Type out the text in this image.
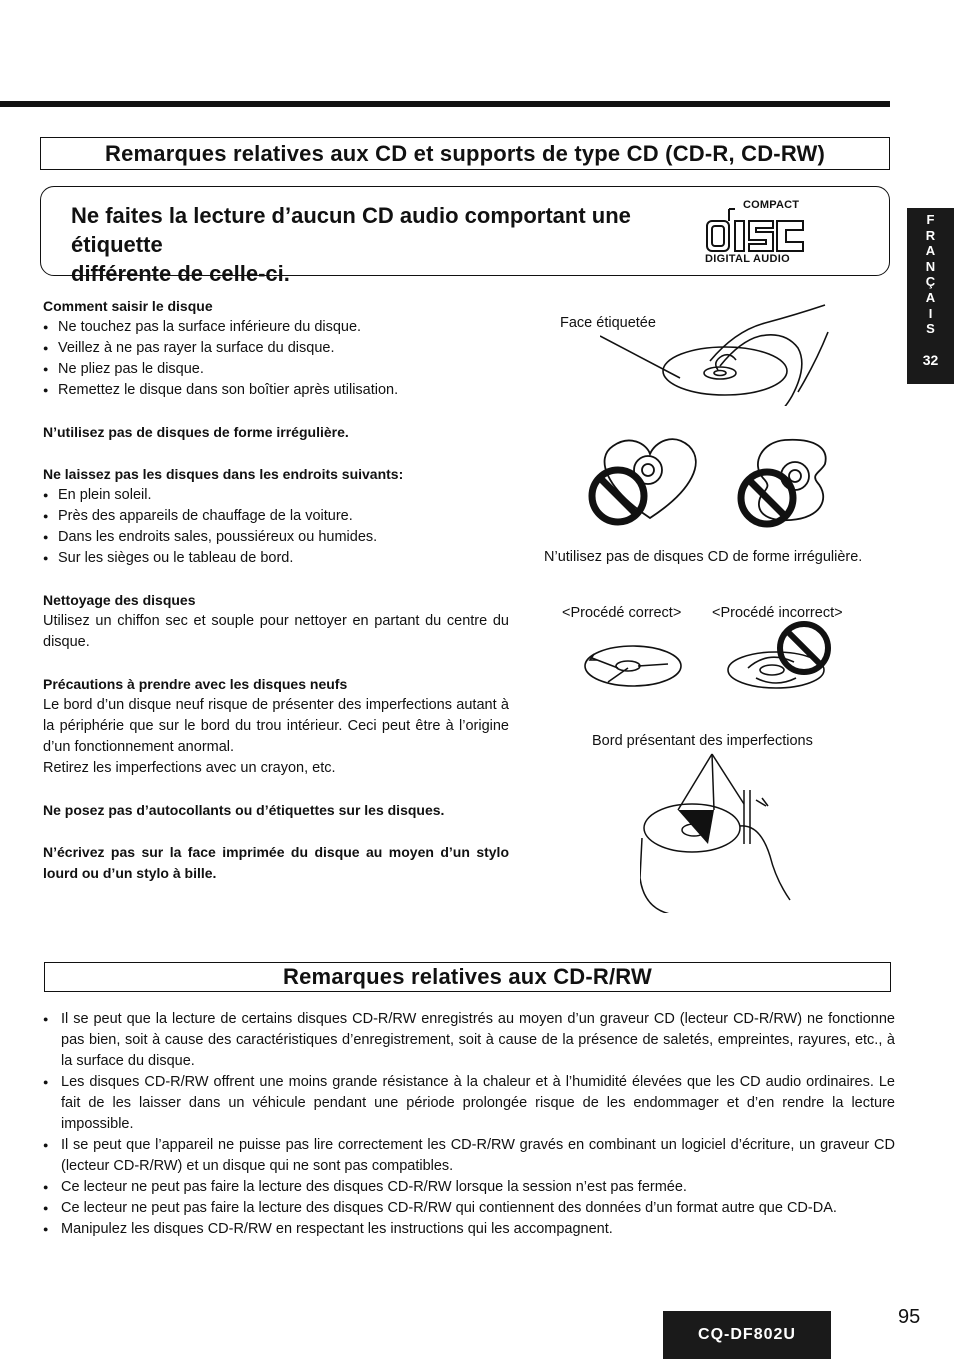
Remarques relatives aux CD et supports de type CD (CD-R, CD-RW)
Ne faites la lecture d’aucun CD audio comportant une étiquette
différente de celle-ci.
COMPACT
DIGITAL AUDIO
F
R
A
N
Ç
A
I
S
32
Comment saisir le disque
● Ne touchez pas la surface inférieure du disque.
● Veillez à ne pas rayer la surface du disque.
● Ne pliez pas le disque.
● Remettez le disque dans son boîtier après utilisation.
N’utilisez pas de disques de forme irrégulière.
Ne laissez pas les disques dans les endroits suivants:
● En plein soleil.
● Près des appareils de chauffage de la voiture.
● Dans les endroits sales, poussiéreux ou humides.
● Sur les sièges ou le tableau de bord.
Nettoyage des disques

Utilisez un chiffon sec et souple pour nettoyer en partant du centre du disque.

Précautions à prendre avec les disques neufs

Le bord d’un disque neuf risque de présenter des imperfections autant à la périphérie que sur le bord du trou intérieur. Ceci peut être à l’origine d’un fonctionnement anormal.

Retirez les imperfections avec un crayon, etc.

Ne posez pas d’autocollants ou d’étiquettes sur les disques.
N’écrivez pas sur la face imprimée du disque au moyen d’un stylo lourd ou d’un stylo à bille.
Face étiquetée
N’utilisez pas de disques CD de forme irrégulière.
<Procédé correct> <Procédé incorrect>
Bord présentant des imperfections
Remarques relatives aux CD-R/RW
● Il se peut que la lecture de certains disques CD-R/RW enregistrés au moyen d’un graveur CD (lecteur CD-R/RW) ne fonctionne pas bien, soit à cause des caractéristiques d’enregistrement, soit à cause de la présence de saletés, empreintes, rayures, etc., à la surface du disque.
● Les disques CD-R/RW offrent une moins grande résistance à la chaleur et à l’humidité élevées que les CD audio ordinaires. Le fait de les laisser dans un véhicule pendant une période prolongée risque de les endommager et d’en rendre la lecture impossible.
● Il se peut que l’appareil ne puisse pas lire correctement les CD-R/RW gravés en combinant un logiciel d’écriture, un graveur CD (lecteur CD-R/RW) et un disque qui ne sont pas compatibles.
● Ce lecteur ne peut pas faire la lecture des disques CD-R/RW lorsque la session n’est pas fermée.
● Ce lecteur ne peut pas faire la lecture des disques CD-R/RW qui contiennent des données d’un format autre que CD-DA.
● Manipulez les disques CD-R/RW en respectant les instructions qui les accompagnent.
CQ-DF802U
95
